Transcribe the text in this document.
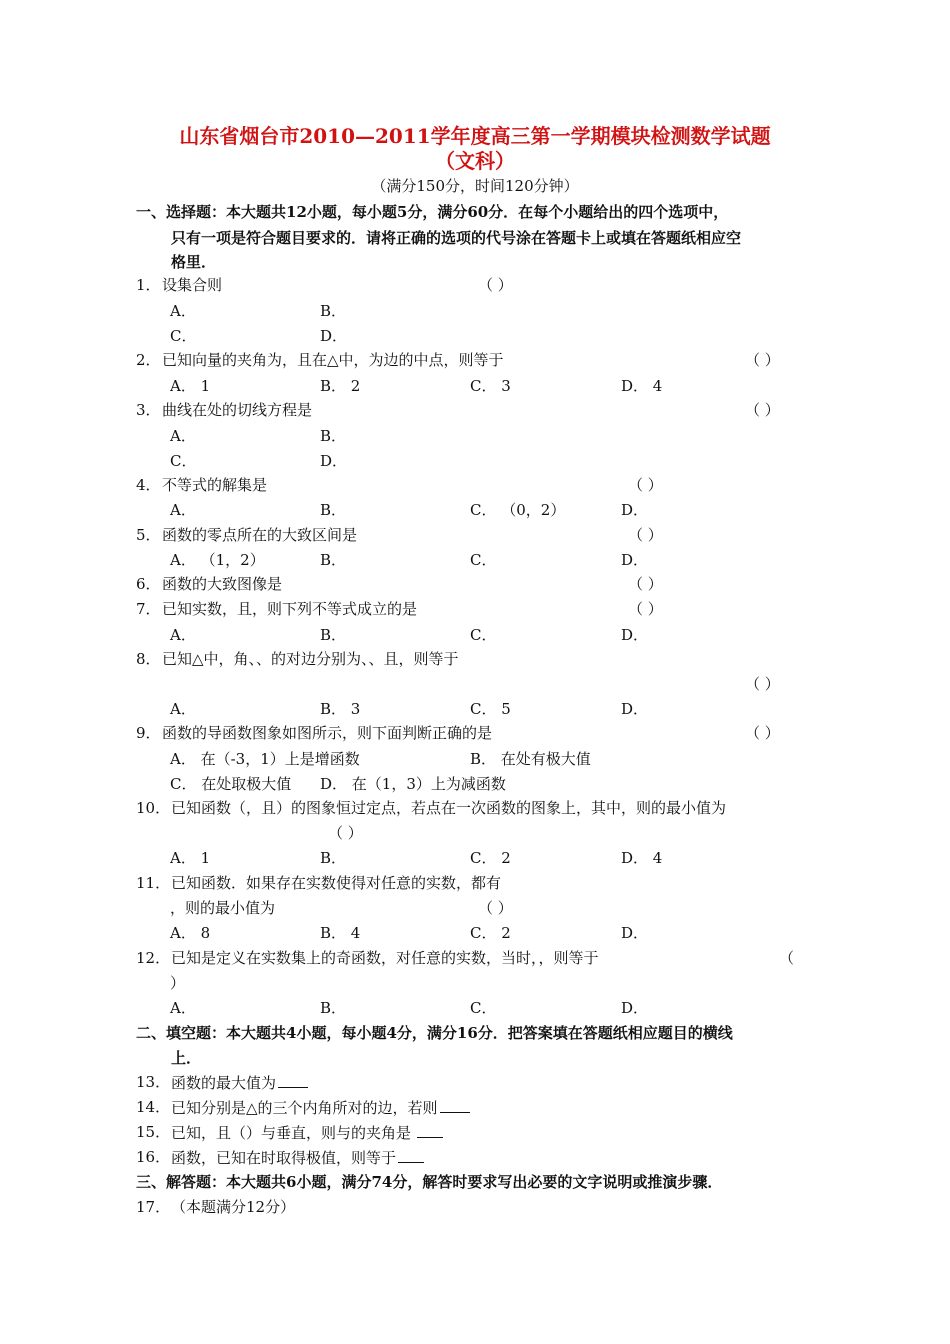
山东省烟台市2010—2011学年度高三第一学期模块检测数学试题
（文科）
（满分150分，时间120分钟）
一、选择题：本大题共12小题，每小题5分，满分60分．在每个小题给出的四个选项中，
只有一项是符合题目要求的．请将正确的选项的代号涂在答题卡上或填在答题纸相应空
格里．
1． 设集合则	（ ）
A．	B．
C．	D．
2． 已知向量的夹角为，且在△中，为边的中点，则等于	（ ）
A． 1	B． 2	C． 3	D． 4
3． 曲线在处的切线方程是	（ ）
A．	B．
C．	D．
4． 不等式的解集是	（ ）
A．	B．	C． （0，2）	D．
5． 函数的零点所在的大致区间是	（ ）
A． （1，2）	B．	C．	D．
6． 函数的大致图像是	（ ）
7． 已知实数，且，则下列不等式成立的是	（ ）
A．	B．	C．	D．
8． 已知△中，角、、的对边分别为、、且，则等于
（ ）
A．	B． 3	C． 5	D．
9． 函数的导函数图象如图所示，则下面判断正确的是	（ ）
A． 在（-3，1）上是增函数	B． 在处有极大值
C． 在处取极大值 D． 在（1，3）上为减函数
10． 已知函数（，且）的图象恒过定点，若点在一次函数的图象上，其中，则的最小值为
（ ）
A． 1	B．	C． 2	D． 4
11． 已知函数．如果存在实数使得对任意的实数，都有
，则的最小值为	（ ）
A． 8	B． 4	C． 2	D．
12． 已知是定义在实数集上的奇函数，对任意的实数，当时，，则等于	（
）
A．	B．	C．	D．
二、填空题：本大题共4小题，每小题4分，满分16分．把答案填在答题纸相应题目的横线
上．
13． 函数的最大值为
14． 已知分别是△的三个内角所对的边，若则
15． 已知，且（）与垂直，则与的夹角是
16． 函数，已知在时取得极值，则等于
三、解答题：本大题共6小题，满分74分，解答时要求写出必要的文字说明或推演步骤．
17． （本题满分12分）
